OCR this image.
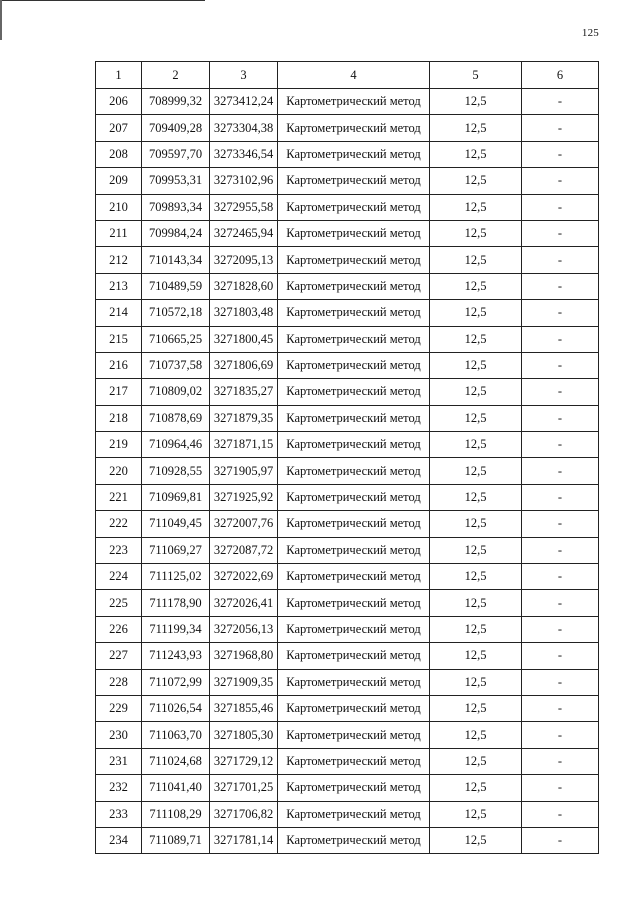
125
1	2	3	4	5	6
206	708999,32	3273412,24	Картометрический метод	12,5	-
207	709409,28	3273304,38	Картометрический метод	12,5	-
208	709597,70	3273346,54	Картометрический метод	12,5	-
209	709953,31	3273102,96	Картометрический метод	12,5	-
210	709893,34	3272955,58	Картометрический метод	12,5	-
211	709984,24	3272465,94	Картометрический метод	12,5	-
212	710143,34	3272095,13	Картометрический метод	12,5	-
213	710489,59	3271828,60	Картометрический метод	12,5	-
214	710572,18	3271803,48	Картометрический метод	12,5	-
215	710665,25	3271800,45	Картометрический метод	12,5	-
216	710737,58	3271806,69	Картометрический метод	12,5	-
217	710809,02	3271835,27	Картометрический метод	12,5	-
218	710878,69	3271879,35	Картометрический метод	12,5	-
219	710964,46	3271871,15	Картометрический метод	12,5	-
220	710928,55	3271905,97	Картометрический метод	12,5	-
221	710969,81	3271925,92	Картометрический метод	12,5	-
222	711049,45	3272007,76	Картометрический метод	12,5	-
223	711069,27	3272087,72	Картометрический метод	12,5	-
224	711125,02	3272022,69	Картометрический метод	12,5	-
225	711178,90	3272026,41	Картометрический метод	12,5	-
226	711199,34	3272056,13	Картометрический метод	12,5	-
227	711243,93	3271968,80	Картометрический метод	12,5	-
228	711072,99	3271909,35	Картометрический метод	12,5	-
229	711026,54	3271855,46	Картометрический метод	12,5	-
230	711063,70	3271805,30	Картометрический метод	12,5	-
231	711024,68	3271729,12	Картометрический метод	12,5	-
232	711041,40	3271701,25	Картометрический метод	12,5	-
233	711108,29	3271706,82	Картометрический метод	12,5	-
234	711089,71	3271781,14	Картометрический метод	12,5	-
